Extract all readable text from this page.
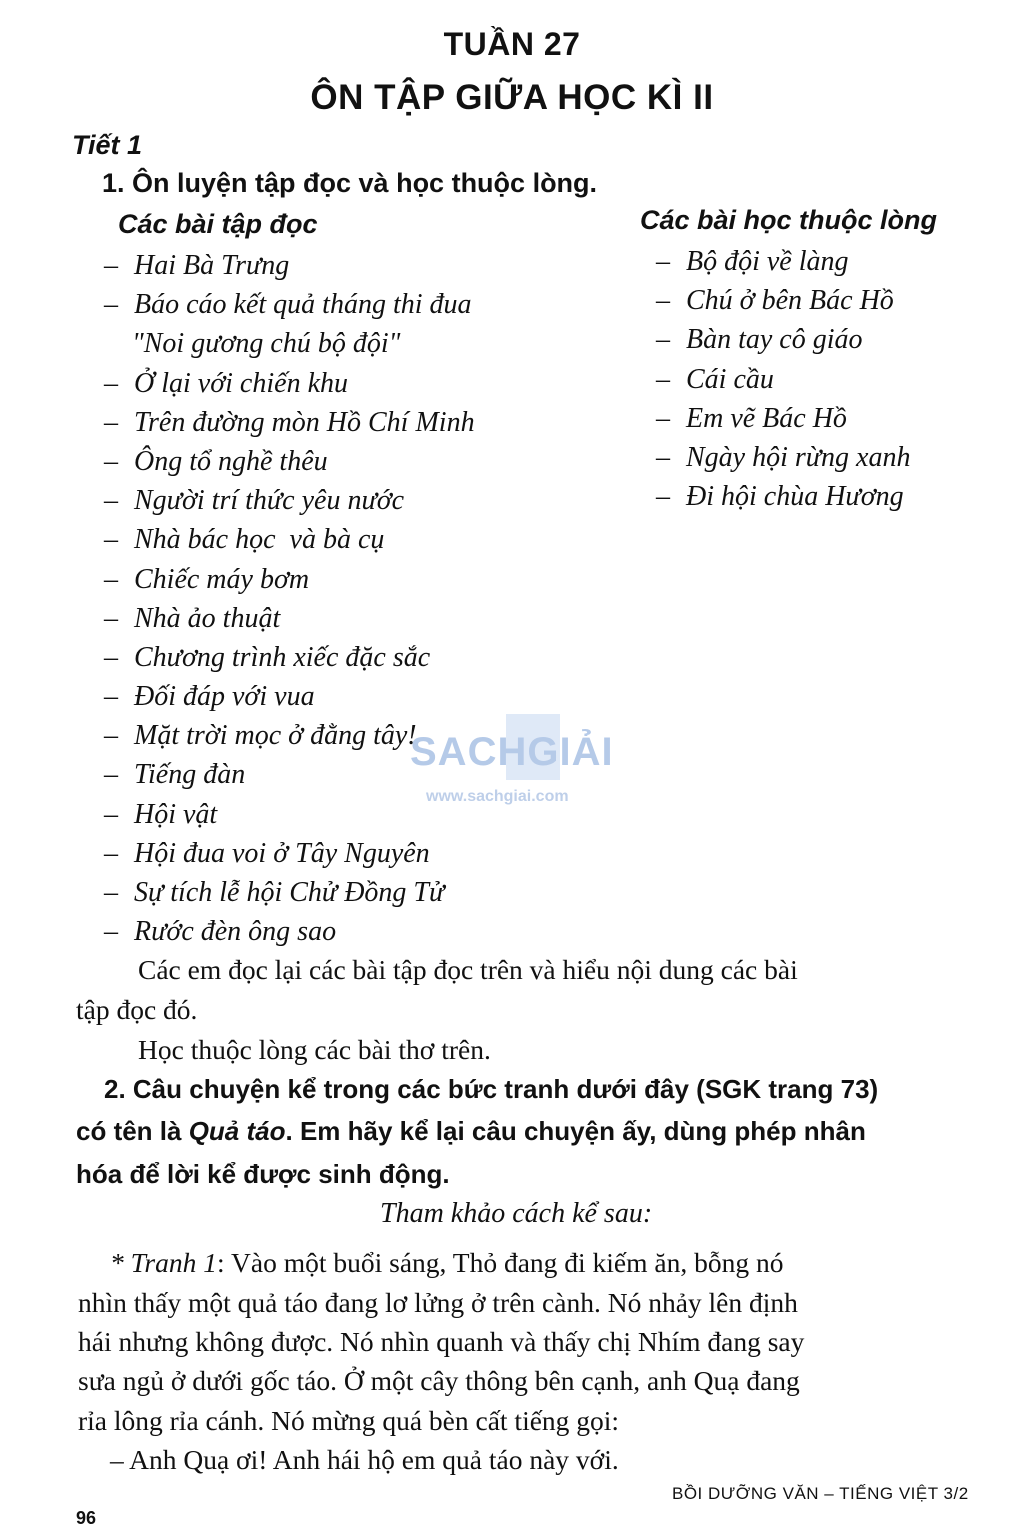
TUẦN 27
ÔN TẬP GIỮA HỌC KÌ II
Tiết 1
1. Ôn luyện tập đọc và học thuộc lòng.
Các bài tập đọc	Các bài học thuộc lòng
– Hai Bà Trưng
– Báo cáo kết quả tháng thi đua
"Noi gương chú bộ đội"
– Ở lại với chiến khu
– Trên đường mòn Hồ Chí Minh
– Ông tổ nghề thêu
– Người trí thức yêu nước
– Nhà bác học  và bà cụ
– Chiếc máy bơm
– Nhà ảo thuật
– Chương trình xiếc đặc sắc
– Đối đáp với vua
– Mặt trời mọc ở đằng tây!
– Tiếng đàn
– Hội vật
– Hội đua voi ở Tây Nguyên
– Sự tích lễ hội Chử Đồng Tử
– Rước đèn ông sao
– Bộ đội về làng
– Chú ở bên Bác Hồ
– Bàn tay cô giáo
– Cái cầu
– Em vẽ Bác Hồ
– Ngày hội rừng xanh
– Đi hội chùa Hương
Các em đọc lại các bài tập đọc trên và hiểu nội dung các bài
tập đọc đó.
Học thuộc lòng các bài thơ trên.
2. Câu chuyện kể trong các bức tranh dưới đây (SGK trang 73)
có tên là Quả táo. Em hãy kể lại câu chuyện ấy, dùng phép nhân
hóa để lời kể được sinh động.
Tham khảo cách kể sau:
* Tranh 1: Vào một buổi sáng, Thỏ đang đi kiếm ăn, bỗng nó
nhìn thấy một quả táo đang lơ lửng ở trên cành. Nó nhảy lên định
hái nhưng không được. Nó nhìn quanh và thấy chị Nhím đang say
sưa ngủ ở dưới gốc táo. Ở một cây thông bên cạnh, anh Quạ đang
rỉa lông rỉa cánh. Nó mừng quá bèn cất tiếng gọi:
– Anh Quạ ơi! Anh hái hộ em quả táo này với.
BỒI DƯỠNG VĂN – TIẾNG VIỆT 3/2
96
SACHGIẢI
www.sachgiai.com
